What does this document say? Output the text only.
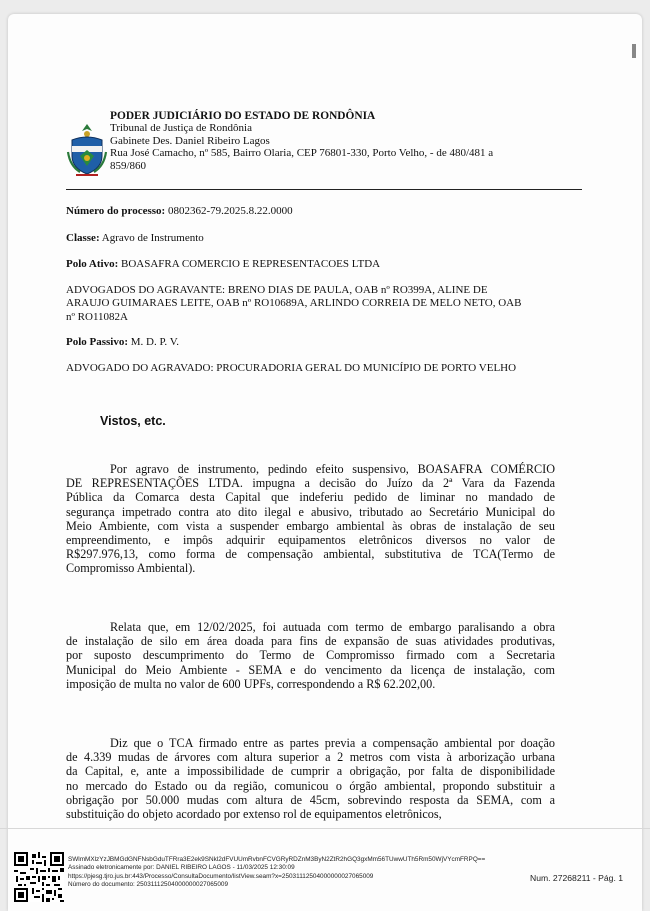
PODER JUDICIÁRIO DO ESTADO DE RONDÔNIA
Tribunal de Justiça de Rondônia
Gabinete Des. Daniel Ribeiro Lagos
Rua José Camacho, nº 585, Bairro Olaria, CEP 76801-330, Porto Velho, - de 480/481 a
859/860
Número do processo: 0802362-79.2025.8.22.0000
Classe: Agravo de Instrumento
Polo Ativo: BOASAFRA COMERCIO E REPRESENTACOES LTDA
ADVOGADOS DO AGRAVANTE: BRENO DIAS DE PAULA, OAB nº RO399A, ALINE DE
ARAUJO GUIMARAES LEITE, OAB nº RO10689A, ARLINDO CORREIA DE MELO NETO, OAB
nº RO11082A
Polo Passivo: M. D. P. V.
ADVOGADO DO AGRAVADO: PROCURADORIA GERAL DO MUNICÍPIO DE PORTO VELHO
Vistos, etc.
Por agravo de instrumento, pedindo efeito suspensivo, BOASAFRA COMÉRCIO
DE REPRESENTAÇÕES LTDA. impugna a decisão do Juízo da 2ª Vara da Fazenda
Pública da Comarca desta Capital que indeferiu pedido de liminar no mandado de
segurança impetrado contra ato dito ilegal e abusivo, tributado ao Secretário Municipal do
Meio Ambiente, com vista a suspender embargo ambiental às obras de instalação de seu
empreendimento, e impôs adquirir equipamentos eletrônicos diversos no valor de
R$297.976,13, como forma de compensação ambiental, substitutiva de TCA(Termo de
Compromisso Ambiental).
Relata que, em 12/02/2025, foi autuada com termo de embargo paralisando a obra
de instalação de silo em área doada para fins de expansão de suas atividades produtivas,
por suposto descumprimento do Termo de Compromisso firmado com a Secretaria
Municipal do Meio Ambiente - SEMA e do vencimento da licença de instalação, com
imposição de multa no valor de 600 UPFs, correspondendo a R$ 62.202,00.
Diz que o TCA firmado entre as partes previa a compensação ambiental por doação
de 4.339 mudas de árvores com altura superior a 2 metros com vista à arborização urbana
da Capital, e, ante a impossibilidade de cumprir a obrigação, por falta de disponibilidade
no mercado do Estado ou da região, comunicou o órgão ambiental, propondo substituir a
obrigação por 50.000 mudas com altura de 45cm, sobrevindo resposta da SEMA, com a
substituição do objeto acordado por extenso rol de equipamentos eletrônicos,
SWlmMXlzYzJBMGdGNFNsbGduTFRra3E2ek9SNkl2dFVUUmRvbnFCVGRyRDZnM3ByN2ZtR2hGQ3gxMm56TUwwUTh5Rm50WjVYcmFRPQ==
Assinado eletronicamente por: DANIEL RIBEIRO LAGOS - 11/03/2025 12:30:09
https://pjesg.tjro.jus.br:443/Processo/ConsultaDocumento/listView.seam?x=25031112504000000027065009
Número do documento: 25031112504000000027065009
Num. 27268211 - Pág. 1
